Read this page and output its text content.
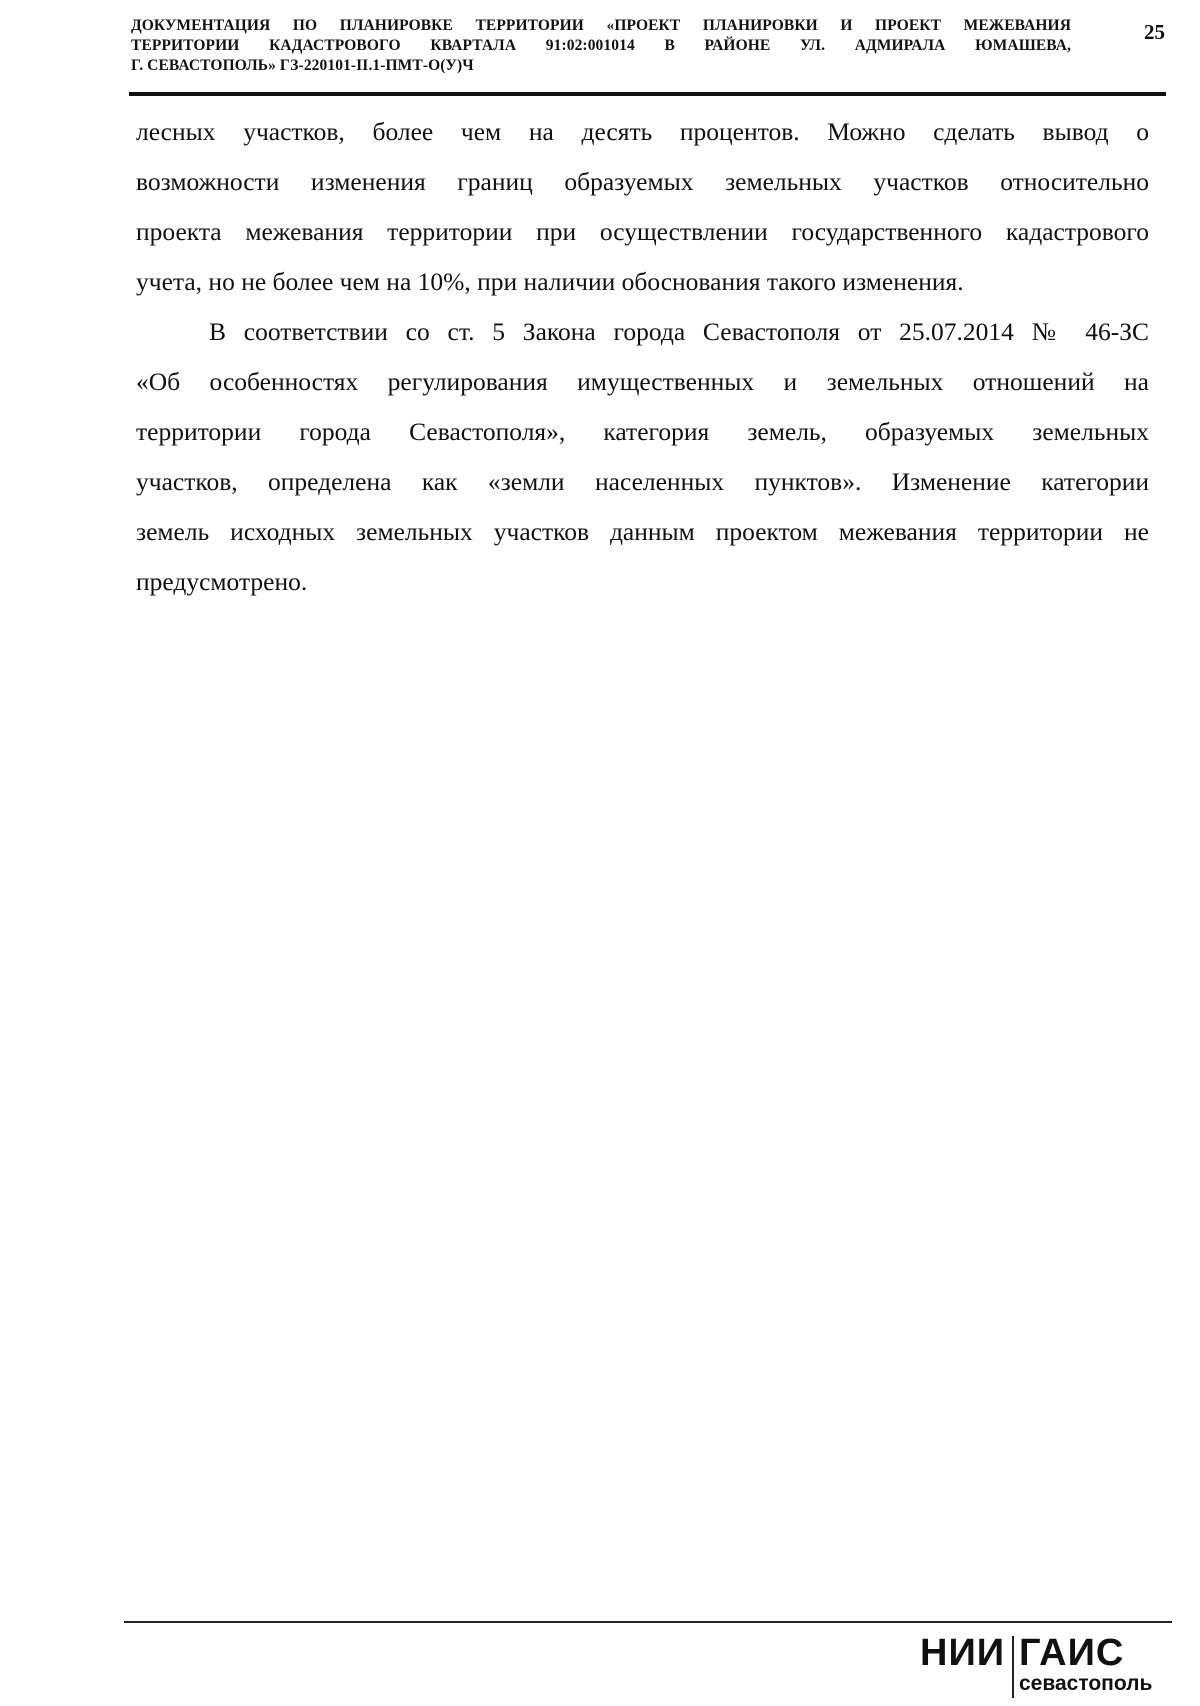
ДОКУМЕНТАЦИЯ ПО ПЛАНИРОВКЕ ТЕРРИТОРИИ «ПРОЕКТ ПЛАНИРОВКИ И ПРОЕКТ МЕЖЕВАНИЯ
ТЕРРИТОРИИ КАДАСТРОВОГО КВАРТАЛА 91:02:001014 В РАЙОНЕ УЛ. АДМИРАЛА ЮМАШЕВА,
Г. СЕВАСТОПОЛЬ» ГЗ-220101-II.1-ПМТ-О(У)Ч
25

лесных участков, более чем на десять процентов. Можно сделать вывод о
возможности изменения границ образуемых земельных участков относительно
проекта межевания территории при осуществлении государственного кадастрового
учета, но не более чем на 10%, при наличии обоснования такого изменения.

В соответствии со ст. 5 Закона города Севастополя от 25.07.2014 № 46-ЗС
«Об особенностях регулирования имущественных и земельных отношений на
территории города Севастополя», категория земель, образуемых земельных
участков, определена как «земли населенных пунктов». Изменение категории
земель исходных земельных участков данным проектом межевания территории не
предусмотрено.

НИИ ГАИС
севастополь
